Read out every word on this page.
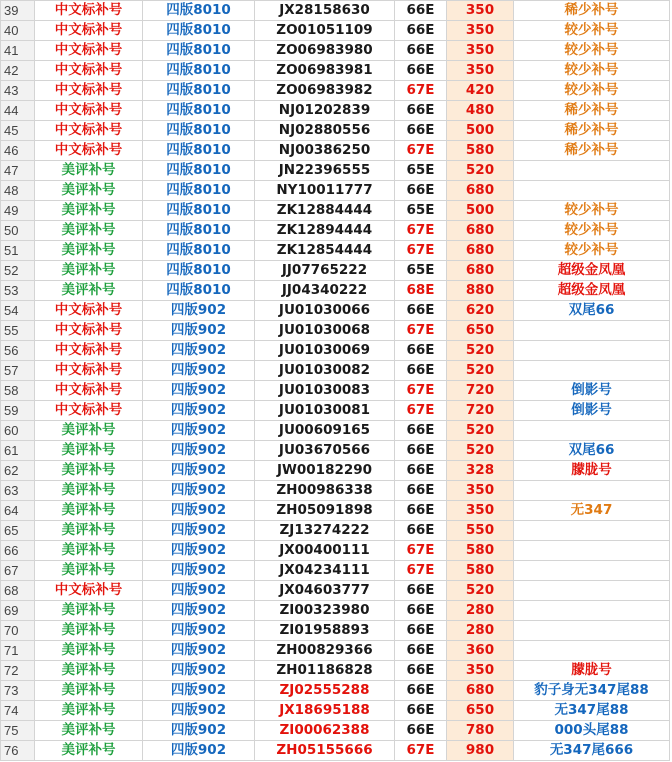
39	中文标补号	四版8010	JX28158630	66E	350	稀少补号
40	中文标补号	四版8010	ZO01051109	66E	350	较少补号
41	中文标补号	四版8010	ZO06983980	66E	350	较少补号
42	中文标补号	四版8010	ZO06983981	66E	350	较少补号
43	中文标补号	四版8010	ZO06983982	67E	420	较少补号
44	中文标补号	四版8010	NJ01202839	66E	480	稀少补号
45	中文标补号	四版8010	NJ02880556	66E	500	稀少补号
46	中文标补号	四版8010	NJ00386250	67E	580	稀少补号
47	美评补号	四版8010	JN22396555	65E	520	
48	美评补号	四版8010	NY10011777	66E	680	
49	美评补号	四版8010	ZK12884444	65E	500	较少补号
50	美评补号	四版8010	ZK12894444	67E	680	较少补号
51	美评补号	四版8010	ZK12854444	67E	680	较少补号
52	美评补号	四版8010	JJ07765222	65E	680	超级金凤凰
53	美评补号	四版8010	JJ04340222	68E	880	超级金凤凰
54	中文标补号	四版902	JU01030066	66E	620	双尾66
55	中文标补号	四版902	JU01030068	67E	650	
56	中文标补号	四版902	JU01030069	66E	520	
57	中文标补号	四版902	JU01030082	66E	520	
58	中文标补号	四版902	JU01030083	67E	720	倒影号
59	中文标补号	四版902	JU01030081	67E	720	倒影号
60	美评补号	四版902	JU00609165	66E	520	
61	美评补号	四版902	JU03670566	66E	520	双尾66
62	美评补号	四版902	JW00182290	66E	328	朦胧号
63	美评补号	四版902	ZH00986338	66E	350	
64	美评补号	四版902	ZH05091898	66E	350	无347
65	美评补号	四版902	ZJ13274222	66E	550	
66	美评补号	四版902	JX00400111	67E	580	
67	美评补号	四版902	JX04234111	67E	580	
68	中文标补号	四版902	JX04603777	66E	520	
69	美评补号	四版902	ZI00323980	66E	280	
70	美评补号	四版902	ZI01958893	66E	280	
71	美评补号	四版902	ZH00829366	66E	360	
72	美评补号	四版902	ZH01186828	66E	350	朦胧号
73	美评补号	四版902	ZJ02555288	66E	680	豹子身无347尾88
74	美评补号	四版902	JX18695188	66E	650	无347尾88
75	美评补号	四版902	ZI00062388	66E	780	000头尾88
76	美评补号	四版902	ZH05155666	67E	980	无347尾666
